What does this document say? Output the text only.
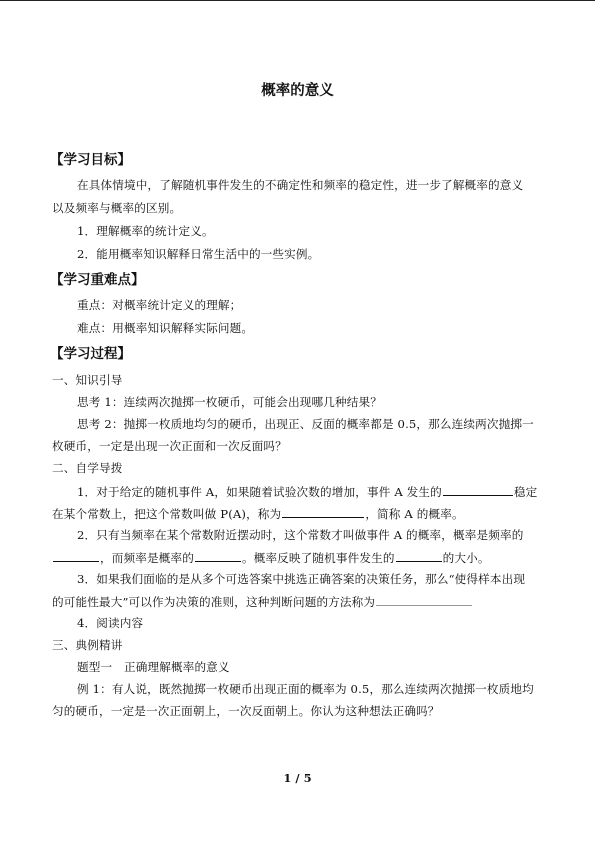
概率的意义
【学习目标】
在具体情境中，了解随机事件发生的不确定性和频率的稳定性，进一步了解概率的意义
以及频率与概率的区别。
1．理解概率的统计定义。
2．能用概率知识解释日常生活中的一些实例。
【学习重难点】
重点：对概率统计定义的理解；
难点：用概率知识解释实际问题。
【学习过程】
一、知识引导
思考 1：连续两次抛掷一枚硬币，可能会出现哪几种结果？
思考 2：抛掷一枚质地均匀的硬币，出现正、反面的概率都是 0.5，那么连续两次抛掷一
枚硬币，一定是出现一次正面和一次反面吗？
二、自学导拨
1．对于给定的随机事件 A，如果随着试验次数的增加，事件 A 发生的	稳定
在某个常数上，把这个常数叫做 P(A)，称为	，简称 A 的概率。
2．只有当频率在某个常数附近摆动时，这个常数才叫做事件 A 的概率，概率是频率的
，而频率是概率的	。概率反映了随机事件发生的	的大小。
3．如果我们面临的是从多个可选答案中挑选正确答案的决策任务，那么“使得样本出现
的可能性最大”可以作为决策的准则，这种判断问题的方法称为
4．阅读内容
三、典例精讲
题型一　正确理解概率的意义
例 1：有人说，既然抛掷一枚硬币出现正面的概率为 0.5，那么连续两次抛掷一枚质地均
匀的硬币，一定是一次正面朝上，一次反面朝上。你认为这种想法正确吗？
1 / 5
